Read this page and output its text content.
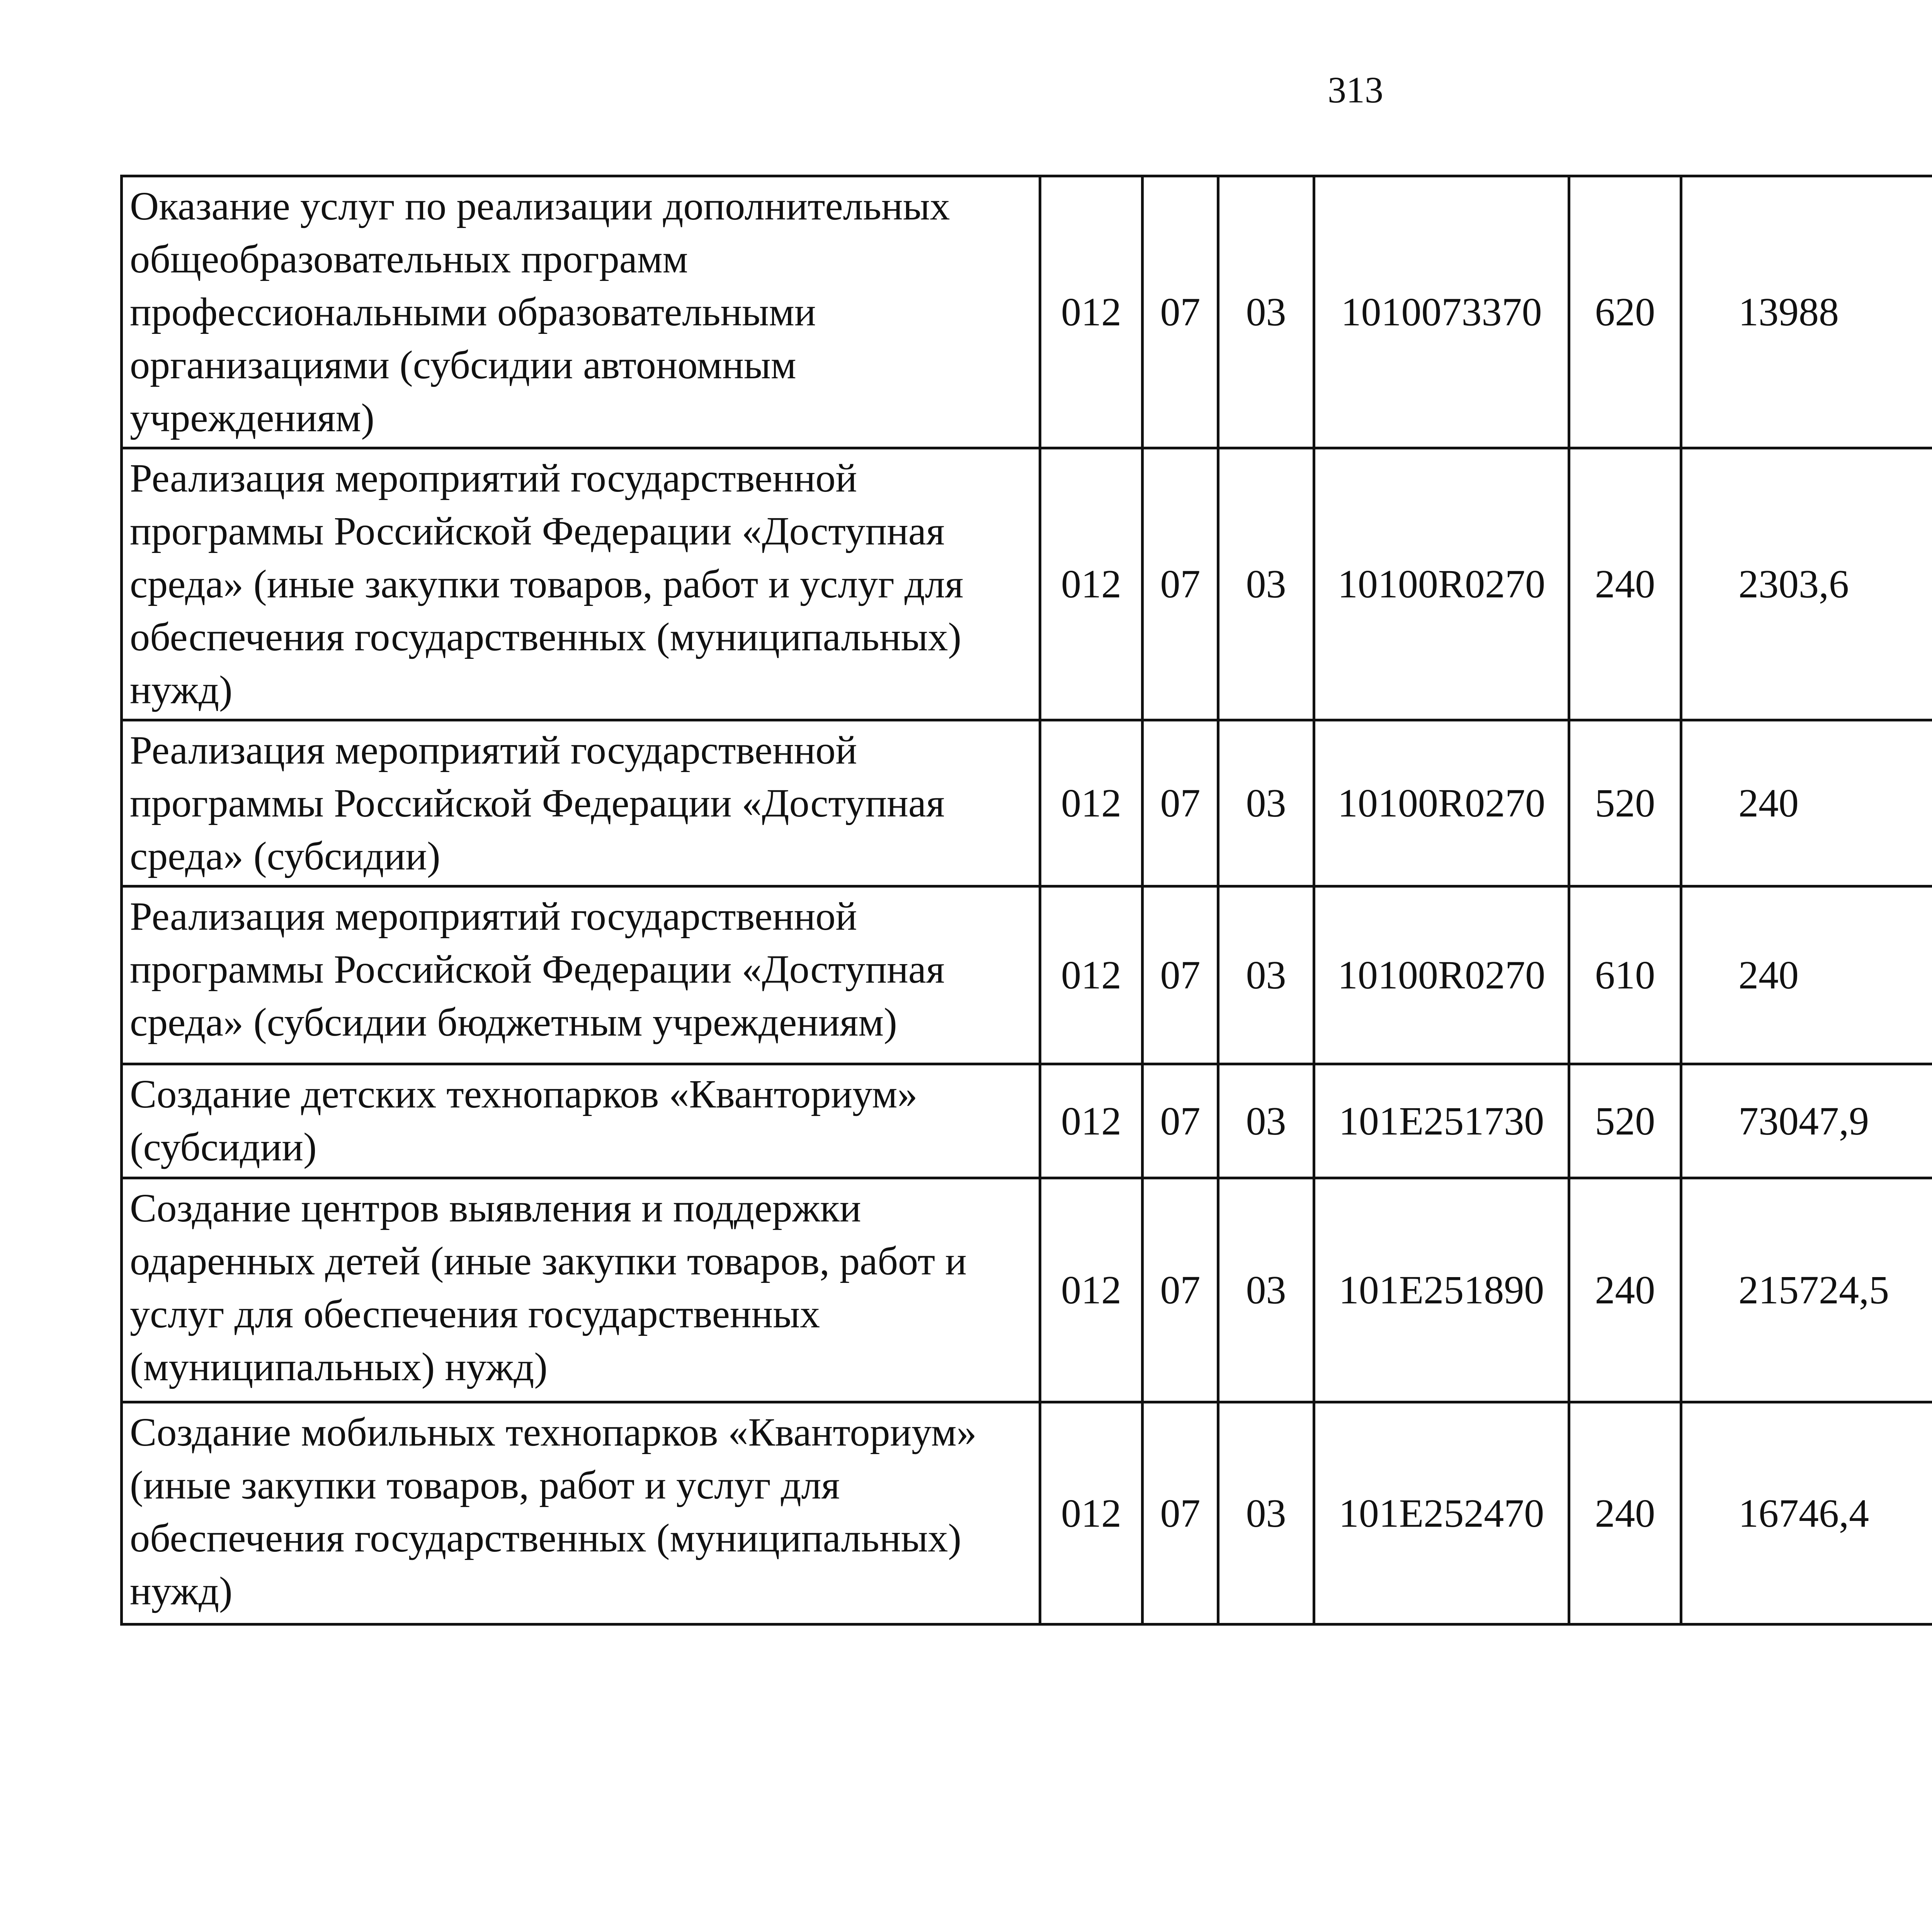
313
Оказание услуг по реализации дополнительных общеобразовательных программ профессиональными образовательными организациями (субсидии автономным учреждениям)	012	07	03	1010073370	620	13988		
Реализация мероприятий государственной программы Российской Федерации «Доступная среда» (иные закупки товаров, работ и услуг для обеспечения государственных (муниципальных) нужд)	012	07	03	10100R0270	240	2303,6		
Реализация мероприятий государственной программы Российской Федерации «Доступная среда» (субсидии)	012	07	03	10100R0270	520	240		
Реализация мероприятий государственной программы Российской Федерации «Доступная среда» (субсидии бюджетным учреждениям)	012	07	03	10100R0270	610	240		
Создание детских технопарков «Кванториум» (субсидии)	012	07	03	101E251730	520	73047,9		
Создание центров выявления и поддержки одаренных детей (иные закупки товаров, работ и услуг для обеспечения государственных (муниципальных) нужд)	012	07	03	101E251890	240	215724,5		
Создание мобильных технопарков «Кванториум» (иные закупки товаров, работ и услуг для обеспечения государственных (муниципальных) нужд)	012	07	03	101E252470	240	16746,4		
